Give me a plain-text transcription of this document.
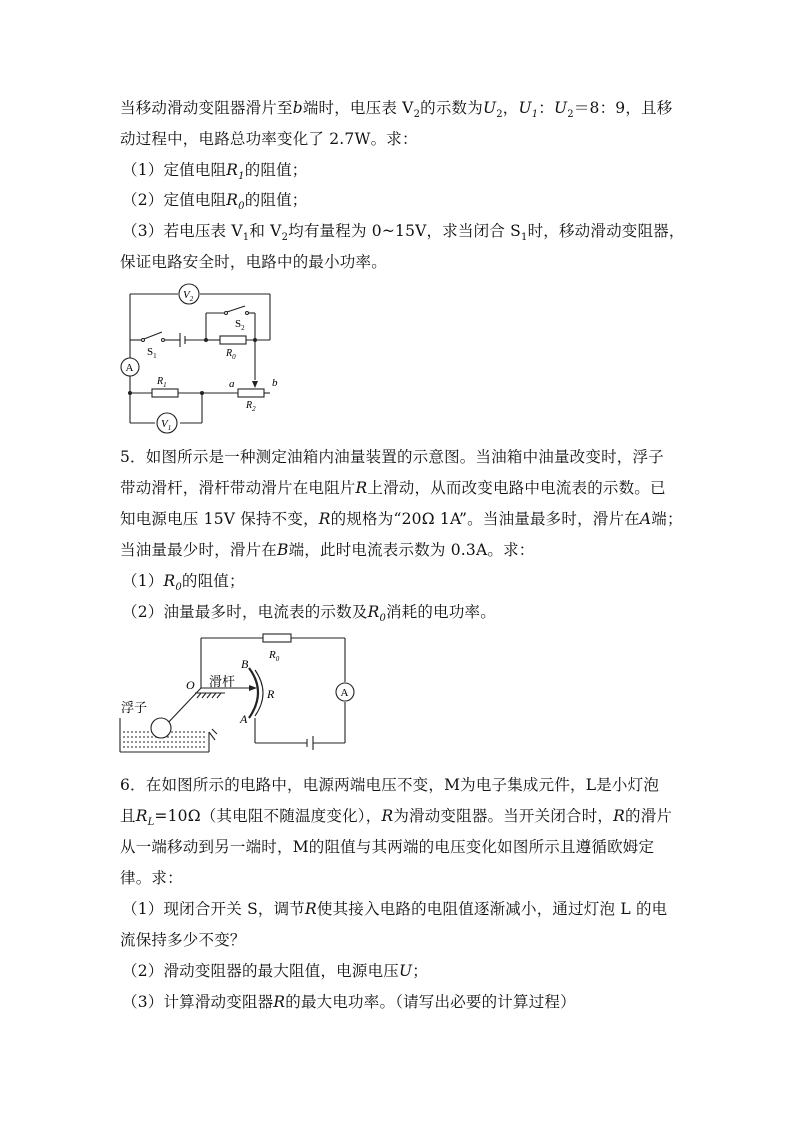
当移动滑动变阻器滑片至b端时，电压表 $V_2$的示数为$U_2$，$U_1$：$U_2=8$：9，且移
动过程中，电路总功率变化了 2.7W。求：
（1）定值电阻$R_1$的阻值；
（2）定值电阻$R_0$的阻值；
（3）若电压表 $V_1$和 $V_2$均有量程为 0~15V，求当闭合 $S_1$时，移动滑动变阻器，
保证电路安全时，电路中的最小功率。
$V_2$
$S_2$
$S_1$	$R_0$
A
$R_1$	a	b
$R_2$
$V_1$
5．如图所示是一种测定油箱内油量装置的示意图。当油箱中油量改变时，浮子
带动滑杆，滑杆带动滑片在电阻片R上滑动，从而改变电路中电流表的示数。已
知电源电压 15V 保持不变，R的规格为“20Ω 1A”。当油量最多时，滑片在A端；
当油量最少时，滑片在B端，此时电流表示数为 0.3A。求：
$(1)R_0$的阻值；
（2）油量最多时，电流表的示数及$R_0$消耗的电功率。
$R_0$
B
O 滑杆
R
A
A
浮子
6．在如图所示的电路中，电源两端电压不变，M为电子集成元件，L是小灯泡
且$R_L=10\Omega$（其电阻不随温度变化），R为滑动变阻器。当开关闭合时，R的滑片
从一端移动到另一端时，M的阻值与其两端的电压变化如图所示且遵循欧姆定
律。求：
（1）现闭合开关 S，调节R使其接入电路的电阻值逐渐减小，通过灯泡 L 的电
流保持多少不变？
（2）滑动变阻器的最大阻值，电源电压U；
（3）计算滑动变阻器R的最大电功率。（请写出必要的计算过程）
